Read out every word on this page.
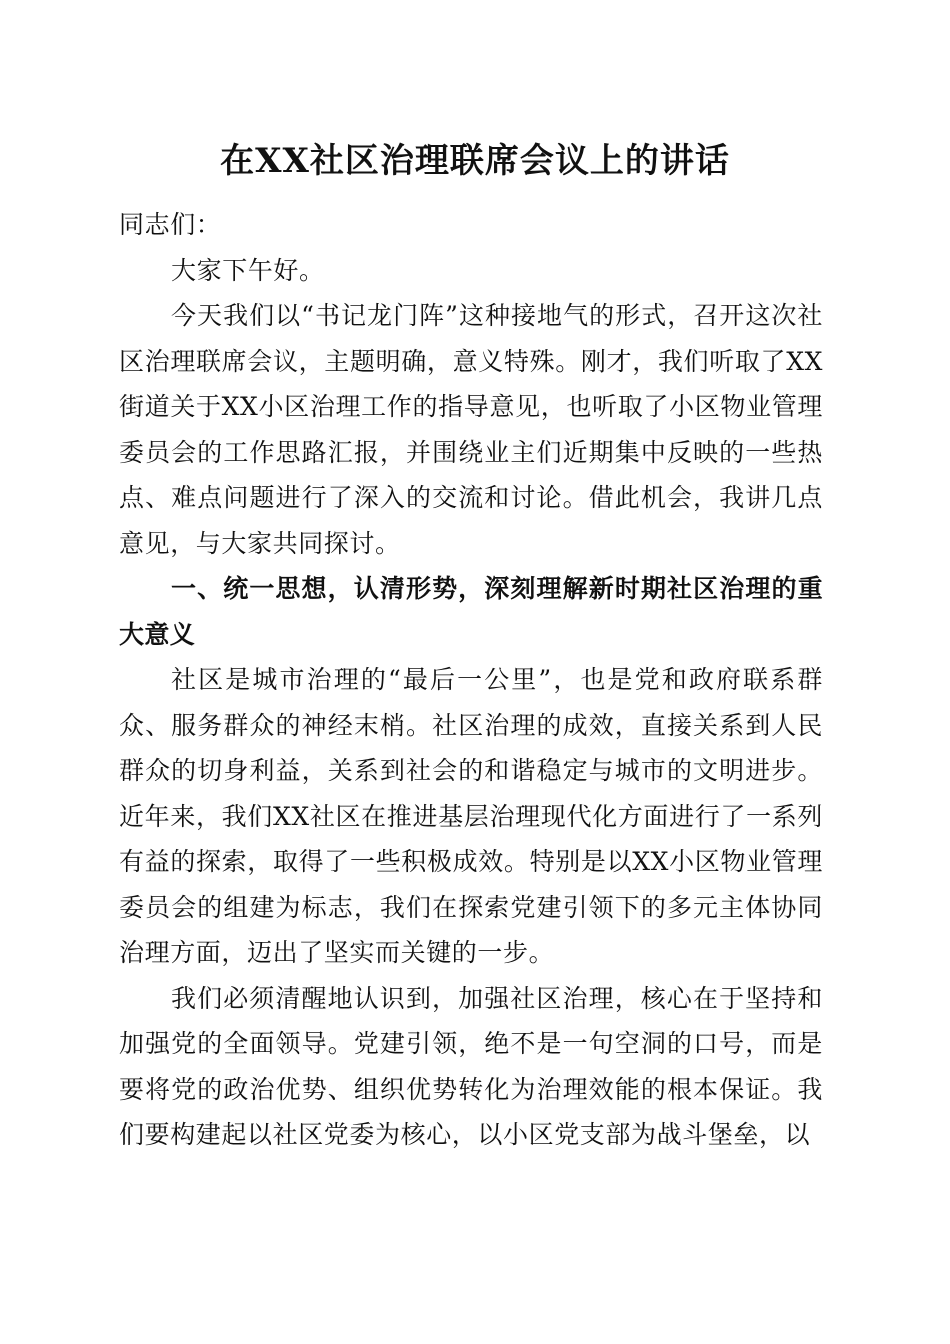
在XX社区治理联席会议上的讲话

同志们：

大家下午好。

今天我们以“书记龙门阵”这种接地气的形式，召开这次社区治理联席会议，主题明确，意义特殊。刚才，我们听取了XX街道关于XX小区治理工作的指导意见，也听取了小区物业管理委员会的工作思路汇报，并围绕业主们近期集中反映的一些热点、难点问题进行了深入的交流和讨论。借此机会，我讲几点意见，与大家共同探讨。

一、统一思想，认清形势，深刻理解新时期社区治理的重大意义

社区是城市治理的“最后一公里”，也是党和政府联系群众、服务群众的神经末梢。社区治理的成效，直接关系到人民群众的切身利益，关系到社会的和谐稳定与城市的文明进步。近年来，我们XX社区在推进基层治理现代化方面进行了一系列有益的探索，取得了一些积极成效。特别是以XX小区物业管理委员会的组建为标志，我们在探索党建引领下的多元主体协同治理方面，迈出了坚实而关键的一步。

我们必须清醒地认识到，加强社区治理，核心在于坚持和加强党的全面领导。党建引领，绝不是一句空洞的口号，而是要将党的政治优势、组织优势转化为治理效能的根本保证。我们要构建起以社区党委为核心，以小区党支部为战斗堡垒，以
